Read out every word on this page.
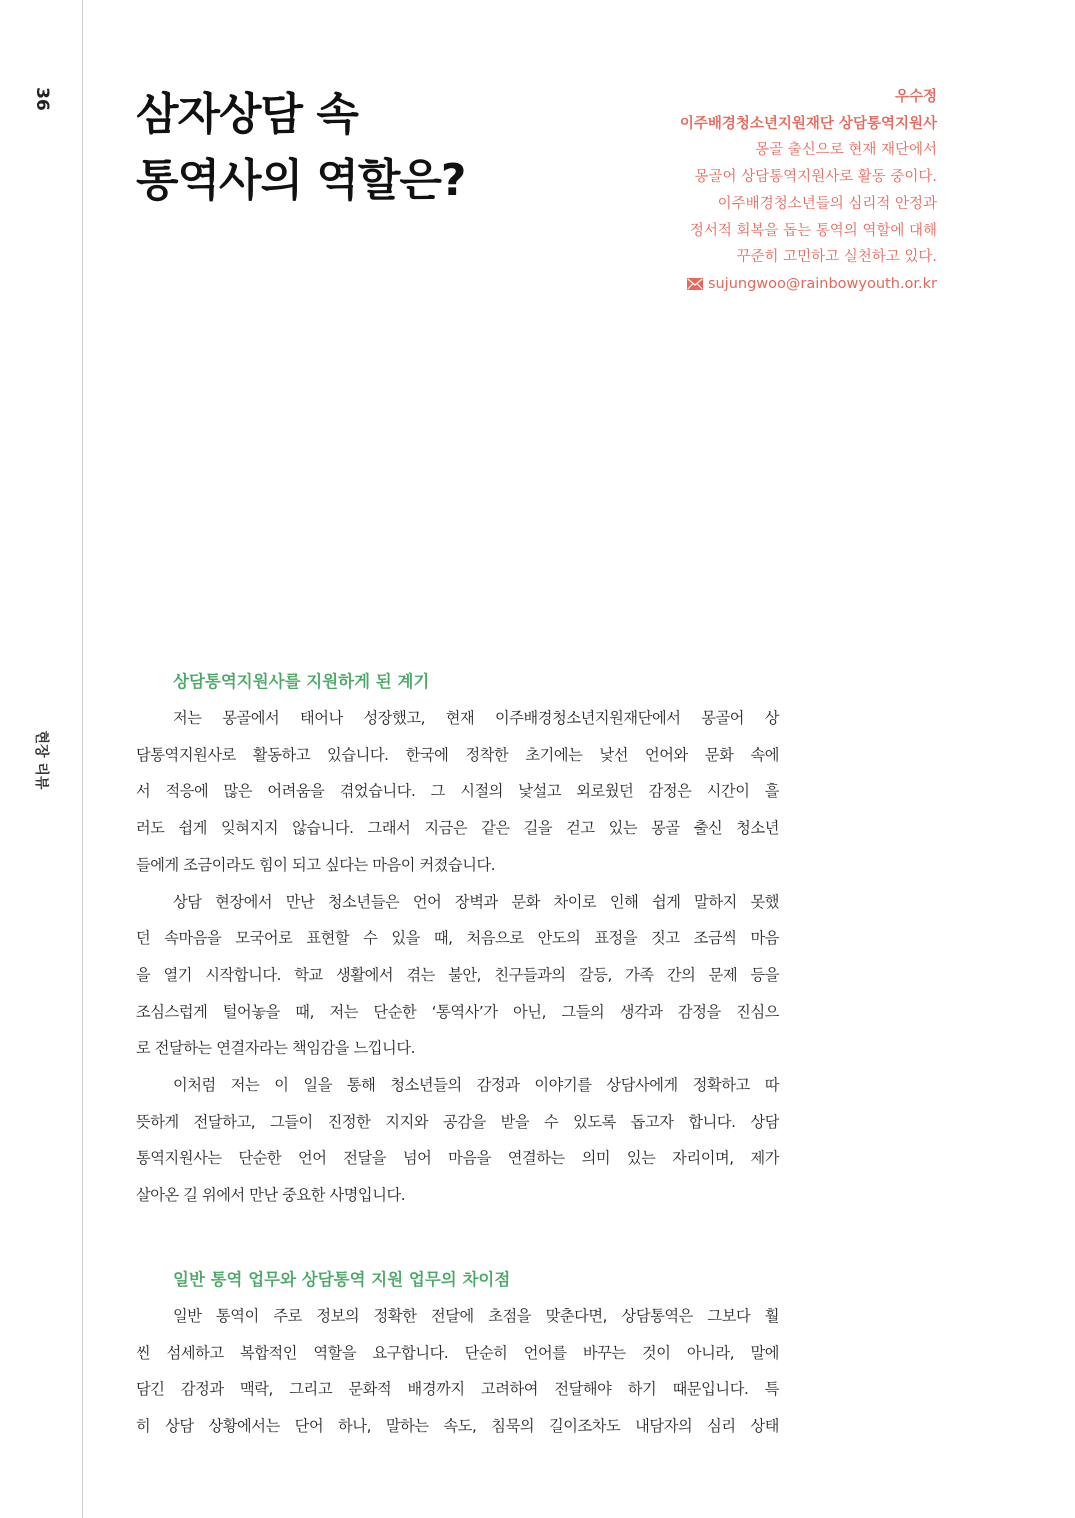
36
현장 리뷰
삼자상담 속
통역사의 역할은?
우수정
이주배경청소년지원재단 상담통역지원사
몽골 출신으로 현재 재단에서
몽골어 상담통역지원사로 활동 중이다.
이주배경청소년들의 심리적 안정과
정서적 회복을 돕는 통역의 역할에 대해
꾸준히 고민하고 실천하고 있다.
sujungwoo@rainbowyouth.or.kr
상담통역지원사를 지원하게 된 계기
저는 몽골에서 태어나 성장했고, 현재 이주배경청소년지원재단에서 몽골어 상
담통역지원사로 활동하고 있습니다. 한국에 정착한 초기에는 낯선 언어와 문화 속에
서 적응에 많은 어려움을 겪었습니다. 그 시절의 낯설고 외로웠던 감정은 시간이 흘
러도 쉽게 잊혀지지 않습니다. 그래서 지금은 같은 길을 걷고 있는 몽골 출신 청소년
들에게 조금이라도 힘이 되고 싶다는 마음이 커졌습니다.
상담 현장에서 만난 청소년들은 언어 장벽과 문화 차이로 인해 쉽게 말하지 못했
던 속마음을 모국어로 표현할 수 있을 때, 처음으로 안도의 표정을 짓고 조금씩 마음
을 열기 시작합니다. 학교 생활에서 겪는 불안, 친구들과의 갈등, 가족 간의 문제 등을
조심스럽게 털어놓을 때, 저는 단순한 ‘통역사’가 아닌, 그들의 생각과 감정을 진심으
로 전달하는 연결자라는 책임감을 느낍니다.
이처럼 저는 이 일을 통해 청소년들의 감정과 이야기를 상담사에게 정확하고 따
뜻하게 전달하고, 그들이 진정한 지지와 공감을 받을 수 있도록 돕고자 합니다. 상담
통역지원사는 단순한 언어 전달을 넘어 마음을 연결하는 의미 있는 자리이며, 제가
살아온 길 위에서 만난 중요한 사명입니다.
일반 통역 업무와 상담통역 지원 업무의 차이점
일반 통역이 주로 정보의 정확한 전달에 초점을 맞춘다면, 상담통역은 그보다 훨
씬 섬세하고 복합적인 역할을 요구합니다. 단순히 언어를 바꾸는 것이 아니라, 말에
담긴 감정과 맥락, 그리고 문화적 배경까지 고려하여 전달해야 하기 때문입니다. 특
히 상담 상황에서는 단어 하나, 말하는 속도, 침묵의 길이조차도 내담자의 심리 상태
